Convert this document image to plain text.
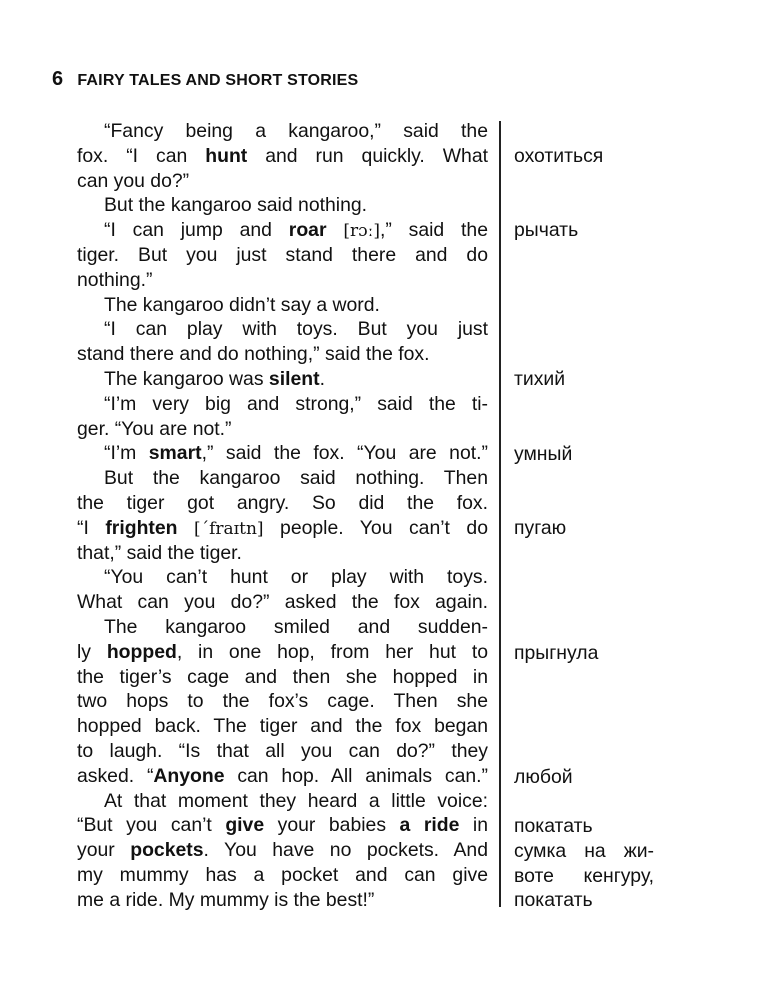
6 FAIRY TALES AND SHORT STORIES
“Fancy being a kangaroo,” said the
fox. “I can hunt and run quickly. What
can you do?”
But the kangaroo said nothing.
“I can jump and roar [rɔː],” said the
tiger. But you just stand there and do
nothing.”
The kangaroo didn’t say a word.
“I can play with toys. But you just
stand there and do nothing,” said the fox.
The kangaroo was silent.
“I’m very big and strong,” said the ti-
ger. “You are not.”
“I’m smart,” said the fox. “You are not.”
But the kangaroo said nothing. Then
the tiger got angry. So did the fox.
“I frighten [´fraɪtn] people. You can’t do
that,” said the tiger.
“You can’t hunt or play with toys.
What can you do?” asked the fox again.
The kangaroo smiled and sudden-
ly hopped, in one hop, from her hut to
the tiger’s cage and then she hopped in
two hops to the fox’s cage. Then she
hopped back. The tiger and the fox began
to laugh. “Is that all you can do?” they
asked. “Anyone can hop. All animals can.”
At that moment they heard a little voice:
“But you can’t give your babies a ride in
your pockets. You have no pockets. And
my mummy has a pocket and can give
me a ride. My mummy is the best!”
охотиться
рычать
тихий
умный
пугаю
прыгнула
любой
покатать
сумка на жи-
воте кенгуру,
покатать
